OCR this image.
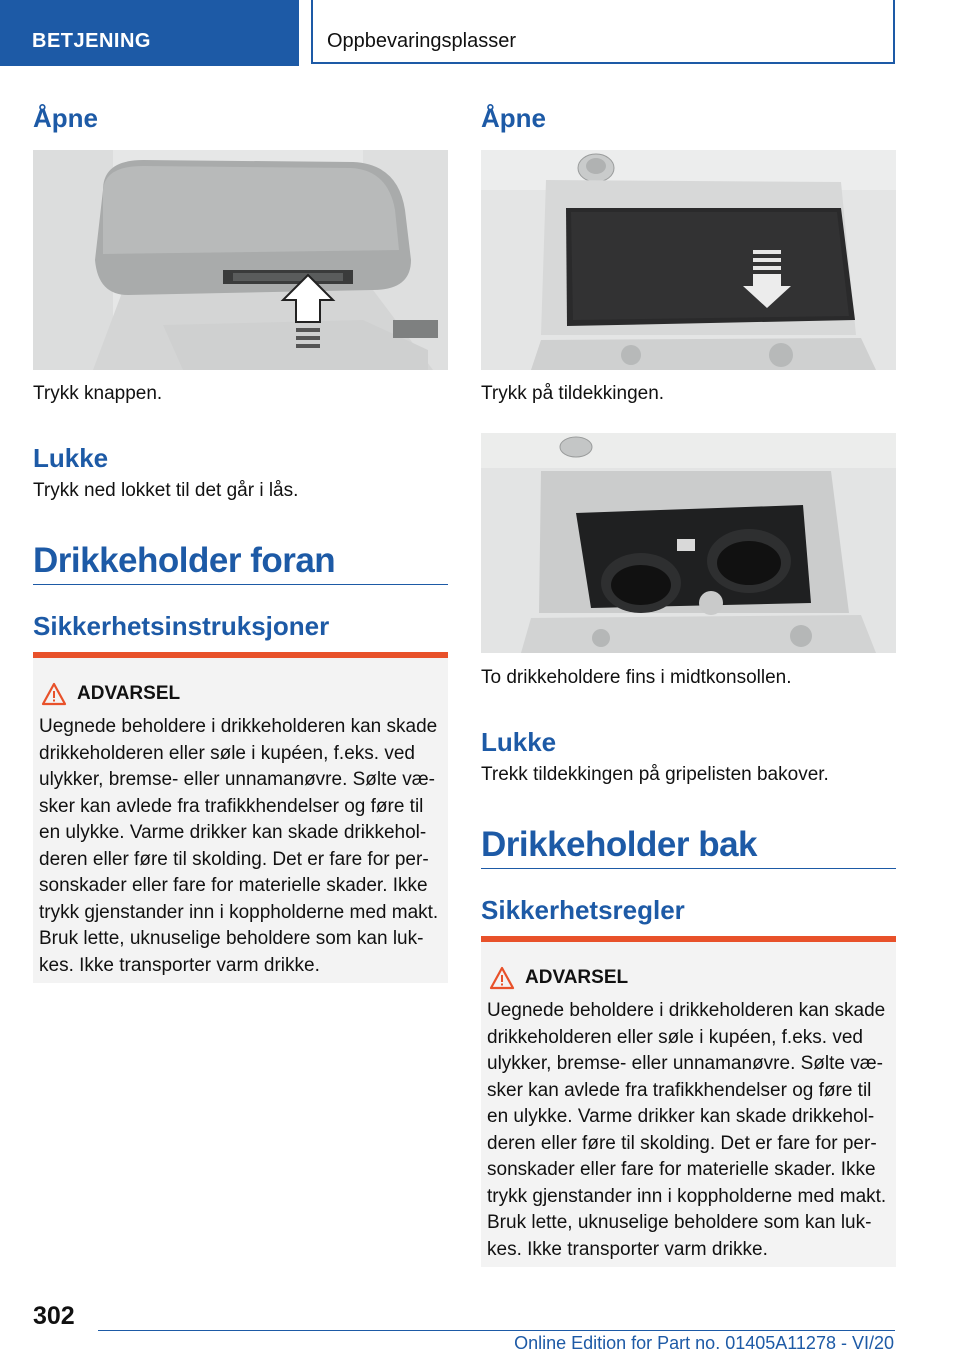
BETJENING	Oppbevaringsplasser
Åpne

Trykk knappen.

Lukke

Trykk ned lokket til det går i lås.

Drikkeholder foran
Sikkerhetsinstruksjoner
ADVARSEL
Uegnede beholdere i drikkeholderen kan skade
drikkeholderen eller søle i kupéen, f.eks. ved
ulykker, bremse- eller unnamanøvre. Sølte væ-
sker kan avlede fra trafikkhendelser og føre til
en ulykke. Varme drikker kan skade drikkehol-
deren eller føre til skolding. Det er fare for per-
sonskader eller fare for materielle skader. Ikke
trykk gjenstander inn i koppholderne med makt.
Bruk lette, uknuselige beholdere som kan luk-
kes. Ikke transporter varm drikke.
Åpne

Trykk på tildekkingen.

To drikkeholdere fins i midtkonsollen.

Lukke

Trekk tildekkingen på gripelisten bakover.

Drikkeholder bak
Sikkerhetsregler
ADVARSEL
Uegnede beholdere i drikkeholderen kan skade
drikkeholderen eller søle i kupéen, f.eks. ved
ulykker, bremse- eller unnamanøvre. Sølte væ-
sker kan avlede fra trafikkhendelser og føre til
en ulykke. Varme drikker kan skade drikkehol-
deren eller føre til skolding. Det er fare for per-
sonskader eller fare for materielle skader. Ikke
trykk gjenstander inn i koppholderne med makt.
Bruk lette, uknuselige beholdere som kan luk-
kes. Ikke transporter varm drikke.
302
Online Edition for Part no. 01405A11278 - VI/20
